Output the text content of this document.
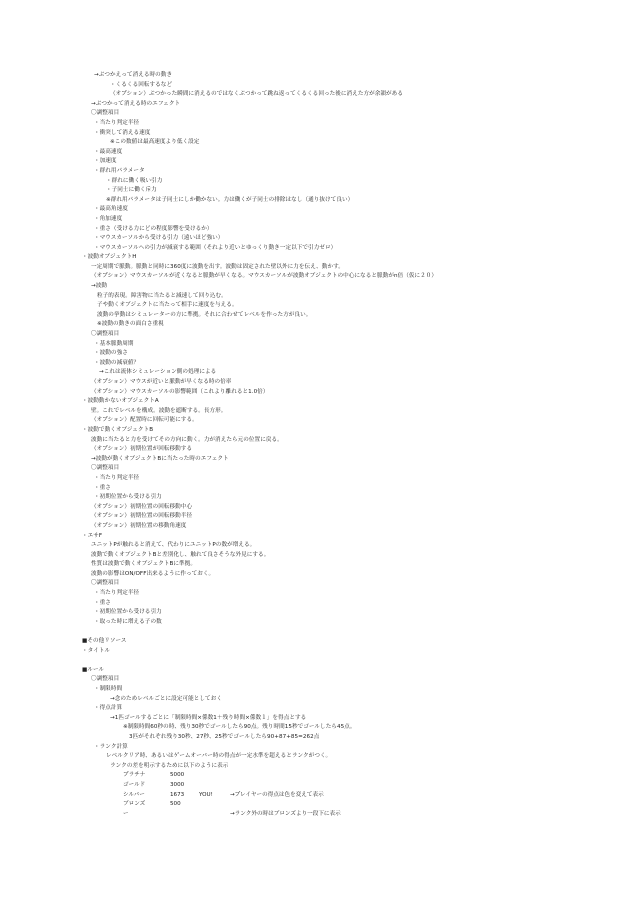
→ぶつかえって消える時の動き
・くるくる回転するなど
（オプション）ぶつかった瞬間に消えるのではなくぶつかって跳ね返ってくるくる回った後に消えた方が余韻がある
→ぶつかって消える時のエフェクト
〇調整項目
・当たり判定半径
・衝突して消える速度
※この数値は最高速度より低く設定
・最高速度
・加速度
・群れ用パラメータ
・群れに働く吸い引力
・子同士に働く斥力
※群れ用パラメータは子同士にしか働かない。力は働くが子同士の排除はなし（通り抜けて良い）
・最高角速度
・角加速度
・重さ（受ける力にどの程度影響を受けるか）
・マウスカーソルから受ける引力（遠いほど強い）
・マウスカーソルへの引力が減衰する範囲（それより近いとゆっくり動き一定以下で引力ゼロ）
・波動オブジェクトH
一定周期で脈動。脈動と同時に360度に波動を出す。波動は固定された壁以外に力を伝え、動かす。
（オプション）マウスカーソルが近くなると脈動が早くなる。マウスカーソルが波動オブジェクトの中心になると脈動がn倍（仮に２０）
→波動
粒子的表現。障害物に当たると減速して回り込む。
子や動くオブジェクトに当たって相手に速度を与える。
波動の挙動はシミュレーターの方に準拠。それに合わせてレベルを作った方が良い。
※波動の動きの面白さ重視
〇調整項目
・基本脈動周期
・波動の強さ
・波動の減衰値？
→これは流体シミュレーション側の処理による
（オプション）マウスが近いと脈動が早くなる時の倍率
（オプション）マウスカーソルの影響範囲（これより離れると1.0倍）
・波動動かないオブジェクトA
壁。これでレベルを構成。波動を遮断する。長方形。
（オプション）配置時に回転可能にする。
・波動で動くオブジェクトB
波動に当たると力を受けてその方向に動く。力が消えたら元の位置に戻る。
（オプション）初期位置が回転移動する
→波動が動くオブジェクトBに当たった時のエフェクト
〇調整項目
・当たり判定半径
・重さ
・初期位置から受ける引力
（オプション）初期位置の回転移動中心
（オプション）初期位置の回転移動半径
（オプション）初期位置の移動角速度
・エサF
ユニットPが触れると消えて、代わりにユニットPの数が増える。
波動で動くオブジェクトBと差別化し、触れて良さそうな外見にする。
性質は波動で動くオブジェクトBに準拠。
波動の影響はON/OFF出来るように作っておく。
〇調整項目
・当たり判定半径
・重さ
・初期位置から受ける引力
・取った時に増える子の数
■その他リソース
・タイトル
■ルール
〇調整項目
・制限時間
→念のためレベルごとに設定可能としておく
・得点計算
→1匹ゴールするごとに「制限時間×係数1＋残り時間×係数１」を得点とする
※制限時間60秒の時、残り30秒でゴールしたら90点。残り時間15秒でゴールしたら45点。
3匹がそれぞれ残り30秒、27秒、25秒でゴールしたら90+87+85=262点
・ランク計算
レベルクリア時、あるいはゲームオーバー時の得点が一定水準を超えるとランクがつく。
ランクの差を明示するために以下のように表示
プラチナ	5000
ゴールド	3000
シルバー	1673	YOU!	→プレイヤーの得点は色を変えて表示
ブロンズ	500
ー	→ランク外の時はブロンズより一段下に表示
